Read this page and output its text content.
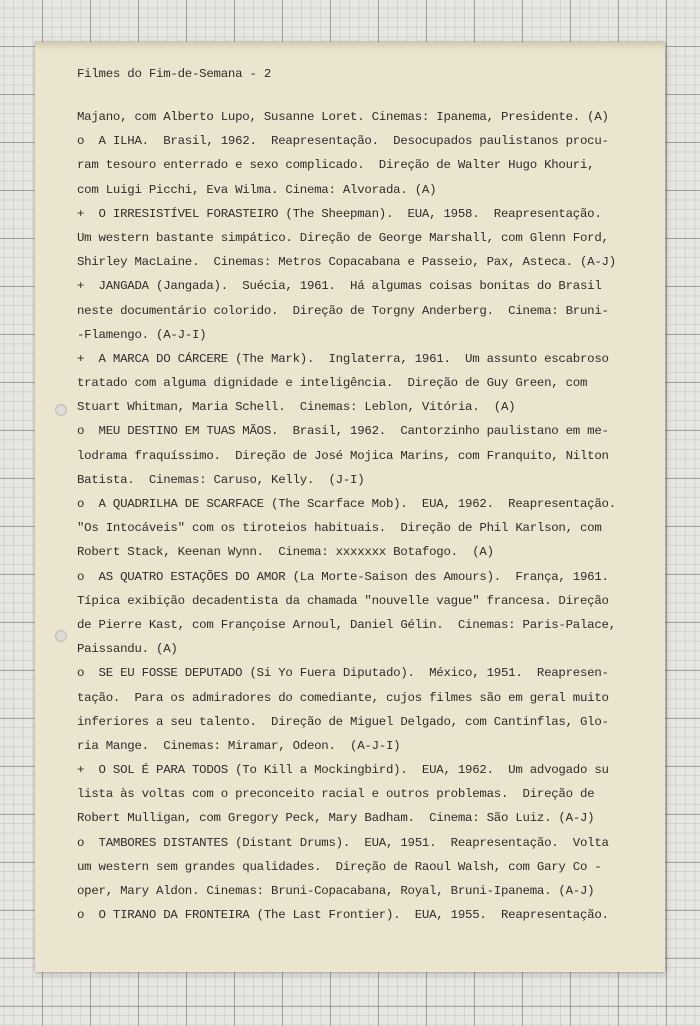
Filmes do Fim-de-Semana - 2
Majano, com Alberto Lupo, Susanne Loret. Cinemas: Ipanema, Presidente. (A)
o  A ILHA.  Brasil, 1962.  Reapresentação.  Desocupados paulistanos procu-
ram tesouro enterrado e sexo complicado.  Direção de Walter Hugo Khouri,
com Luigi Picchi, Eva Wilma. Cinema: Alvorada. (A)
+  O IRRESISTÍVEL FORASTEIRO (The Sheepman).  EUA, 1958.  Reapresentação.
Um western bastante simpático. Direção de George Marshall, com Glenn Ford,
Shirley MacLaine.  Cinemas: Metros Copacabana e Passeio, Pax, Asteca. (A-J)
+  JANGADA (Jangada).  Suécia, 1961.  Há algumas coisas bonitas do Brasil
neste documentário colorido.  Direção de Torgny Anderberg.  Cinema: Bruni-
-Flamengo. (A-J-I)
+  A MARCA DO CÁRCERE (The Mark).  Inglaterra, 1961.  Um assunto escabroso
tratado com alguma dignidade e inteligência.  Direção de Guy Green, com
Stuart Whitman, Maria Schell.  Cinemas: Leblon, Vitória.  (A)
o  MEU DESTINO EM TUAS MÃOS.  Brasil, 1962.  Cantorzinho paulistano em me-
lodrama fraquíssimo.  Direção de José Mojica Marins, com Franquito, Nilton
Batista.  Cinemas: Caruso, Kelly.  (J-I)
o  A QUADRILHA DE SCARFACE (The Scarface Mob).  EUA, 1962.  Reapresentação.
"Os Intocáveis" com os tiroteios habituais.  Direção de Phil Karlson, com
Robert Stack, Keenan Wynn.  Cinema: xxxxxxx Botafogo.  (A)
o  AS QUATRO ESTAÇÕES DO AMOR (La Morte-Saison des Amours).  França, 1961.
Típica exibição decadentista da chamada "nouvelle vague" francesa. Direção
de Pierre Kast, com Françoise Arnoul, Daniel Gélin.  Cinemas: Paris-Palace,
Paissandu. (A)
o  SE EU FOSSE DEPUTADO (Si Yo Fuera Diputado).  México, 1951.  Reapresen-
tação.  Para os admiradores do comediante, cujos filmes são em geral muito
inferiores a seu talento.  Direção de Miguel Delgado, com Cantinflas, Glo-
ria Mange.  Cinemas: Miramar, Odeon.  (A-J-I)
+  O SOL É PARA TODOS (To Kill a Mockingbird).  EUA, 1962.  Um advogado su
lista às voltas com o preconceito racial e outros problemas.  Direção de
Robert Mulligan, com Gregory Peck, Mary Badham.  Cinema: São Luiz. (A-J)
o  TAMBORES DISTANTES (Distant Drums).  EUA, 1951.  Reapresentação.  Volta
um western sem grandes qualidades.  Direção de Raoul Walsh, com Gary Co -
oper, Mary Aldon. Cinemas: Bruni-Copacabana, Royal, Bruni-Ipanema. (A-J)
o  O TIRANO DA FRONTEIRA (The Last Frontier).  EUA, 1955.  Reapresentação.
